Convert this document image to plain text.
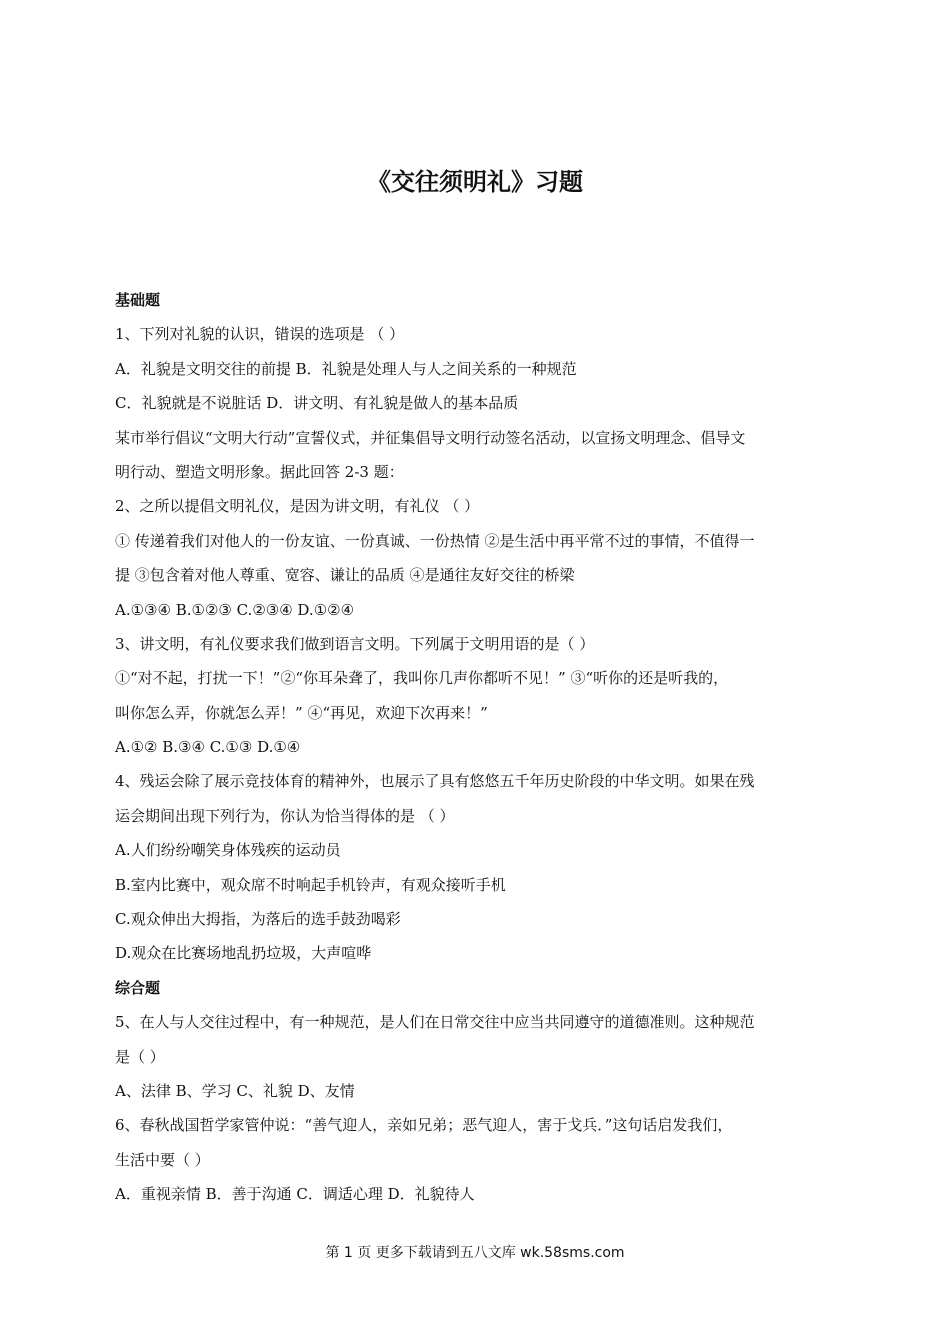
《交往须明礼》习题
基础题
1、下列对礼貌的认识，错误的选项是 （ ）
A．礼貌是文明交往的前提 B．礼貌是处理人与人之间关系的一种规范
C．礼貌就是不说脏话 D．讲文明、有礼貌是做人的基本品质
某市举行倡议“文明大行动”宣誓仪式，并征集倡导文明行动签名活动，以宣扬文明理念、倡导文
明行动、塑造文明形象。据此回答 2-3 题：
2、之所以提倡文明礼仪，是因为讲文明，有礼仪 （ ）
① 传递着我们对他人的一份友谊、一份真诚、一份热情 ②是生活中再平常不过的事情，不值得一
提 ③包含着对他人尊重、宽容、谦让的品质 ④是通往友好交往的桥梁
A.①③④ B.①②③ C.②③④ D.①②④
3、讲文明，有礼仪要求我们做到语言文明。下列属于文明用语的是（ ）
①“对不起，打扰一下！”②“你耳朵聋了，我叫你几声你都听不见！” ③“听你的还是听我的，
叫你怎么弄，你就怎么弄！” ④“再见，欢迎下次再来！”
A.①② B.③④ C.①③ D.①④
4、残运会除了展示竞技体育的精神外，也展示了具有悠悠五千年历史阶段的中华文明。如果在残
运会期间出现下列行为，你认为恰当得体的是 （ ）
A.人们纷纷嘲笑身体残疾的运动员
B.室内比赛中，观众席不时响起手机铃声，有观众接听手机
C.观众伸出大拇指，为落后的选手鼓劲喝彩
D.观众在比赛场地乱扔垃圾，大声喧哗
综合题
5、在人与人交往过程中，有一种规范，是人们在日常交往中应当共同遵守的道德准则。这种规范
是（ ）
A、法律 B、学习 C、礼貌 D、友情
6、春秋战国哲学家管仲说：“善气迎人，亲如兄弟；恶气迎人，害于戈兵．”这句话启发我们，
生活中要（ ）
A．重视亲情 B．善于沟通 C．调适心理 D．礼貌待人
第 1 页 更多下载请到五八文库 wk.58sms.com
